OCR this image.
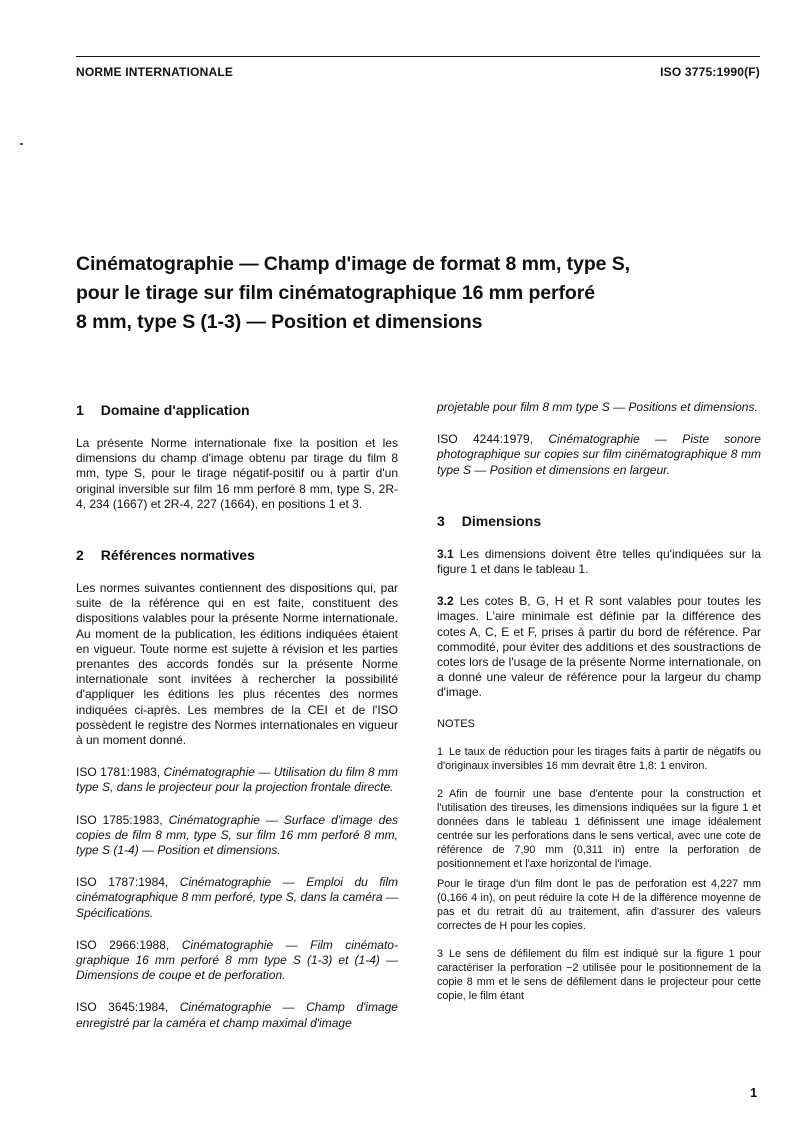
NORME INTERNATIONALE	ISO 3775:1990(F)
Cinématographie — Champ d'image de format 8 mm, type S,
pour le tirage sur film cinématographique 16 mm perforé
8 mm, type S (1-3) — Position et dimensions
1 Domaine d'application

La présente Norme internationale fixe la position et les dimensions du champ d'image obtenu par tirage du film 8 mm, type S, pour le tirage négatif-positif ou à partir d'un original inversible sur film 16 mm perforé 8 mm, type S, 2R-4, 234 (1667) et 2R-4, 227 (1664), en positions 1 et 3.

2 Références normatives

Les normes suivantes contiennent des dispositions qui, par suite de la référence qui en est faite, constituent des dispositions valables pour la présente Norme internationale. Au moment de la publication, les éditions indiquées étaient en vigueur. Toute norme est sujette à révision et les parties prenantes des accords fondés sur la présente Norme internationale sont invitées à rechercher la possibilité d'appliquer les éditions les plus récentes des normes indiquées ci-après. Les membres de la CEI et de l'ISO possèdent le registre des Normes internationales en vigueur à un moment donné.

ISO 1781:1983, Cinématographie — Utilisation du film 8 mm type S, dans le projecteur pour la projection frontale directe.

ISO 1785:1983, Cinématographie — Surface d'image des copies de film 8 mm, type S, sur film 16 mm perforé 8 mm, type S (1-4) — Position et dimensions.

ISO 1787:1984, Cinématographie — Emploi du film cinématographique 8 mm perforé, type S, dans la caméra — Spécifications.

ISO 2966:1988, Cinématographie — Film cinématographique 16 mm perforé 8 mm type S (1-3) et (1-4) — Dimensions de coupe et de perforation.

ISO 3645:1984, Cinématographie — Champ d'image enregistré par la caméra et champ maximal d'image

projetable pour film 8 mm type S — Positions et dimensions.

ISO 4244:1979, Cinématographie — Piste sonore photographique sur copies sur film cinématographique 8 mm type S — Position et dimensions en largeur.

3 Dimensions

3.1 Les dimensions doivent être telles qu'indiquées sur la figure 1 et dans le tableau 1.

3.2 Les cotes B, G, H et R sont valables pour toutes les images. L'aire minimale est définie par la différence des cotes A, C, E et F, prises à partir du bord de référence. Par commodité, pour éviter des additions et des soustractions de cotes lors de l'usage de la présente Norme internationale, on a donné une valeur de référence pour la largeur du champ d'image.

NOTES

1 Le taux de réduction pour les tirages faits à partir de négatifs ou d'originaux inversibles 16 mm devrait être 1,8: 1 environ.

2 Afin de fournir une base d'entente pour la construction et l'utilisation des tireuses, les dimensions indiquées sur la figure 1 et données dans le tableau 1 définissent une image idéalement centrée sur les perforations dans le sens vertical, avec une cote de référence de 7,90 mm (0,311 in) entre la perforation de positionnement et l'axe horizontal de l'image.

Pour le tirage d'un film dont le pas de perforation est 4,227 mm (0,166 4 in), on peut réduire la cote H de la différence moyenne de pas et du retrait dû au traitement, afin d'assurer des valeurs correctes de H pour les copies.

3 Le sens de défilement du film est indiqué sur la figure 1 pour caractériser la perforation −2 utilisée pour le positionnement de la copie 8 mm et le sens de défilement dans le projecteur pour cette copie, le film étant

1
